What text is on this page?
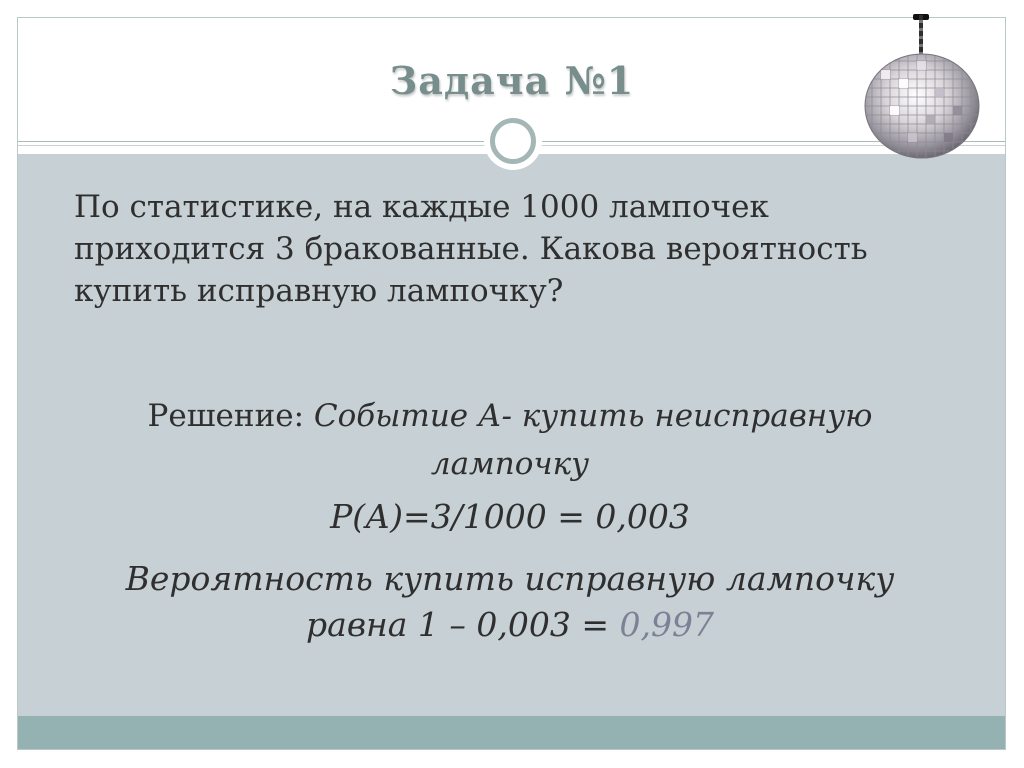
Задача №1
По статистике, на каждые 1000 лампочек
приходится 3 бракованные. Какова вероятность
купить исправную лампочку?
Решение: Событие А- купить неисправную
лампочку
Р(А)=3/1000 = 0,003
Вероятность купить исправную лампочку
равна 1 – 0,003 = 0,997
